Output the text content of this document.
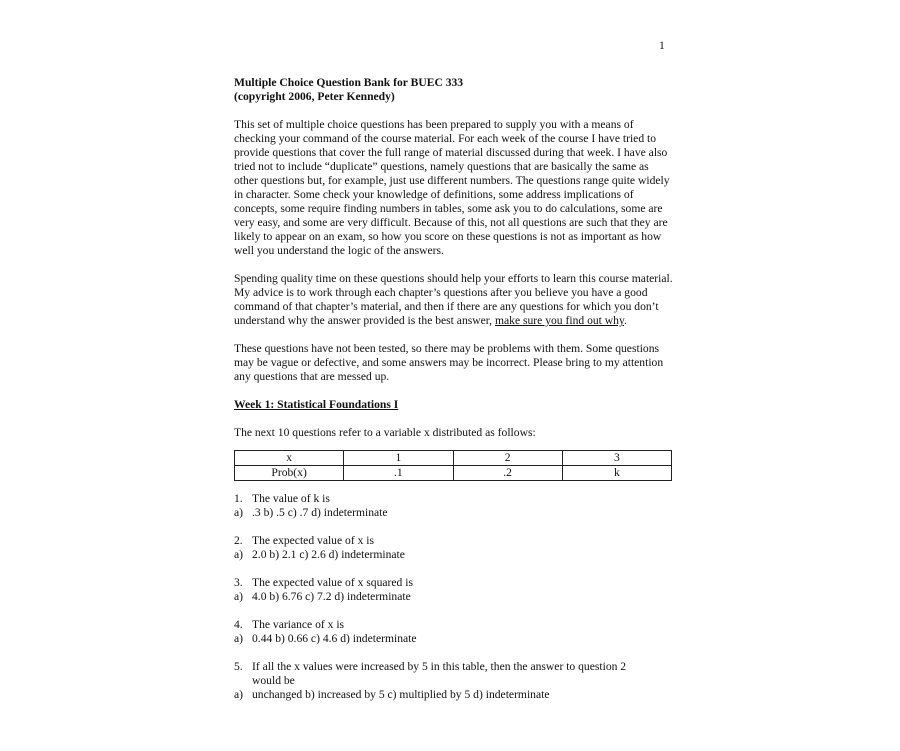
1

Multiple Choice Question Bank for BUEC 333

(copyright 2006, Peter Kennedy)

This set of multiple choice questions has been prepared to supply you with a means of checking your command of the course material. For each week of the course I have tried to provide questions that cover the full range of material discussed during that week. I have also tried not to include “duplicate” questions, namely questions that are basically the same as other questions but, for example, just use different numbers. The questions range quite widely in character. Some check your knowledge of definitions, some address implications of concepts, some require finding numbers in tables, some ask you to do calculations, some are very easy, and some are very difficult. Because of this, not all questions are such that they are likely to appear on an exam, so how you score on these questions is not as important as how well you understand the logic of the answers.

Spending quality time on these questions should help your efforts to learn this course material. My advice is to work through each chapter’s questions after you believe you have a good command of that chapter’s material, and then if there are any questions for which you don’t understand why the answer provided is the best answer, make sure you find out why.

These questions have not been tested, so there may be problems with them. Some questions may be vague or defective, and some answers may be incorrect. Please bring to my attention any questions that are messed up.

Week 1: Statistical Foundations I

The next 10 questions refer to a variable x distributed as follows:

x	1	2	3
Prob(x)	.1	.2	k
1. The value of k is
a) .3 b) .5 c) .7 d) indeterminate
2. The expected value of x is
a) 2.0 b) 2.1 c) 2.6 d) indeterminate
3. The expected value of x squared is
a) 4.0 b) 6.76 c) 7.2 d) indeterminate
4. The variance of x is
a) 0.44 b) 0.66 c) 4.6 d) indeterminate
5. If all the x values were increased by 5 in this table, then the answer to question 2
would be
a) unchanged b) increased by 5 c) multiplied by 5 d) indeterminate
